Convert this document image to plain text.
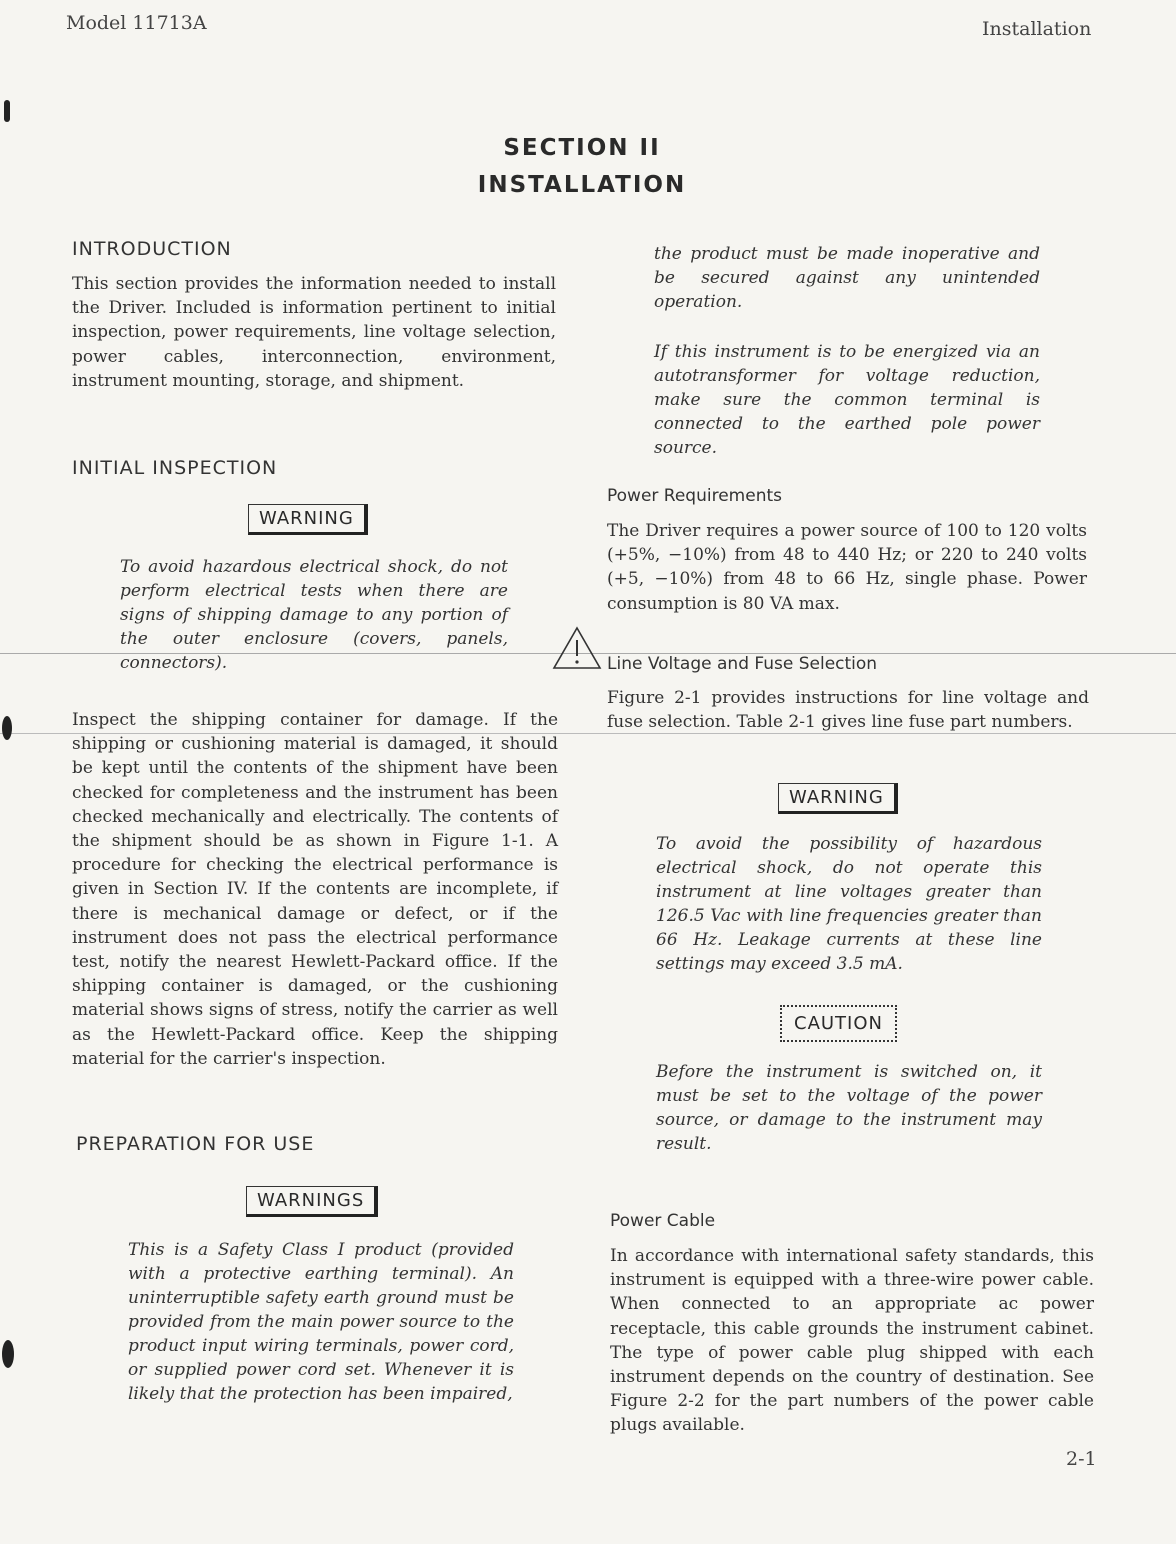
Model 11713A	Installation
SECTION II
INSTALLATION
INTRODUCTION
This section provides the information needed to install the Driver. Included is information pertinent to initial inspection, power requirements, line voltage selection, power cables, interconnection, environment, instrument mounting, storage, and shipment.
INITIAL INSPECTION
WARNING
To avoid hazardous electrical shock, do not perform electrical tests when there are signs of shipping damage to any portion of the outer enclosure (covers, panels, connectors).
Inspect the shipping container for damage. If the shipping or cushioning material is damaged, it should be kept until the contents of the shipment have been checked for completeness and the instrument has been checked mechanically and electrically. The contents of the shipment should be as shown in Figure 1-1. A procedure for checking the electrical performance is given in Section IV. If the contents are incomplete, if there is mechanical damage or defect, or if the instrument does not pass the electrical performance test, notify the nearest Hewlett-Packard office. If the shipping container is damaged, or the cushioning material shows signs of stress, notify the carrier as well as the Hewlett-Packard office. Keep the shipping material for the carrier's inspection.
PREPARATION FOR USE
WARNINGS
This is a Safety Class I product (provided with a protective earthing terminal). An uninterruptible safety earth ground must be provided from the main power source to the product input wiring terminals, power cord, or supplied power cord set. Whenever it is likely that the protection has been impaired,
the product must be made inoperative and be secured against any unintended operation.
If this instrument is to be energized via an autotransformer for voltage reduction, make sure the common terminal is connected to the earthed pole power source.
Power Requirements
The Driver requires a power source of 100 to 120 volts (+5%, −10%) from 48 to 440 Hz; or 220 to 240 volts (+5, −10%) from 48 to 66 Hz, single phase. Power consumption is 80 VA max.
Line Voltage and Fuse Selection
Figure 2-1 provides instructions for line voltage and fuse selection. Table 2-1 gives line fuse part numbers.
WARNING
To avoid the possibility of hazardous electrical shock, do not operate this instrument at line voltages greater than 126.5 Vac with line frequencies greater than 66 Hz. Leakage currents at these line settings may exceed 3.5 mA.
CAUTION
Before the instrument is switched on, it must be set to the voltage of the power source, or damage to the instrument may result.
Power Cable
In accordance with international safety standards, this instrument is equipped with a three-wire power cable. When connected to an appropriate ac power receptacle, this cable grounds the instrument cabinet. The type of power cable plug shipped with each instrument depends on the country of destination. See Figure 2-2 for the part numbers of the power cable plugs available.
2-1
